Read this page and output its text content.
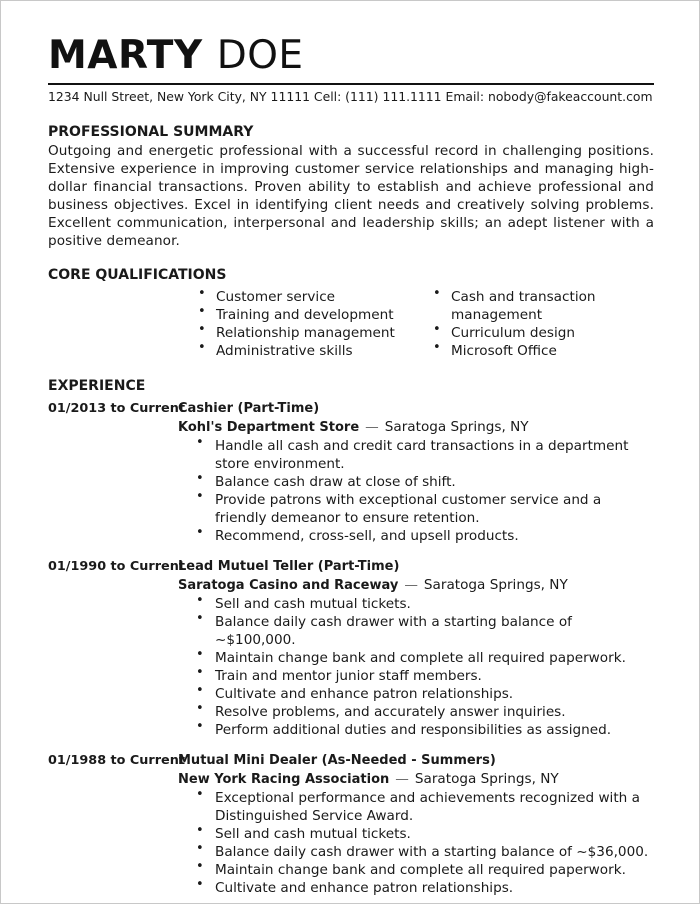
MARTY DOE
1234 Null Street, New York City, NY 11111 Cell: (111) 111.1111 Email: nobody@fakeaccount.com
PROFESSIONAL SUMMARY
Outgoing and energetic professional with a successful record in challenging positions. Extensive experience in improving customer service relationships and managing high-dollar financial transactions. Proven ability to establish and achieve professional and business objectives. Excel in identifying client needs and creatively solving problems. Excellent communication, interpersonal and leadership skills; an adept listener with a positive demeanor.
CORE QUALIFICATIONS
• Customer service
• Training and development
• Relationship management
• Administrative skills
• Cash and transaction management
• Curriculum design
• Microsoft Office
EXPERIENCE
01/2013 to Current
Cashier (Part-Time)
Kohl's Department Store — Saratoga Springs, NY
• Handle all cash and credit card transactions in a department store environment.
• Balance cash draw at close of shift.
• Provide patrons with exceptional customer service and a friendly demeanor to ensure retention.
• Recommend, cross-sell, and upsell products.
01/1990 to Current
Lead Mutuel Teller (Part-Time)
Saratoga Casino and Raceway — Saratoga Springs, NY
• Sell and cash mutual tickets.
• Balance daily cash drawer with a starting balance of ~$100,000.
• Maintain change bank and complete all required paperwork.
• Train and mentor junior staff members.
• Cultivate and enhance patron relationships.
• Resolve problems, and accurately answer inquiries.
• Perform additional duties and responsibilities as assigned.
01/1988 to Current
Mutual Mini Dealer (As-Needed - Summers)
New York Racing Association — Saratoga Springs, NY
• Exceptional performance and achievements recognized with a Distinguished Service Award.
• Sell and cash mutual tickets.
• Balance daily cash drawer with a starting balance of ~$36,000.
• Maintain change bank and complete all required paperwork.
• Cultivate and enhance patron relationships.
